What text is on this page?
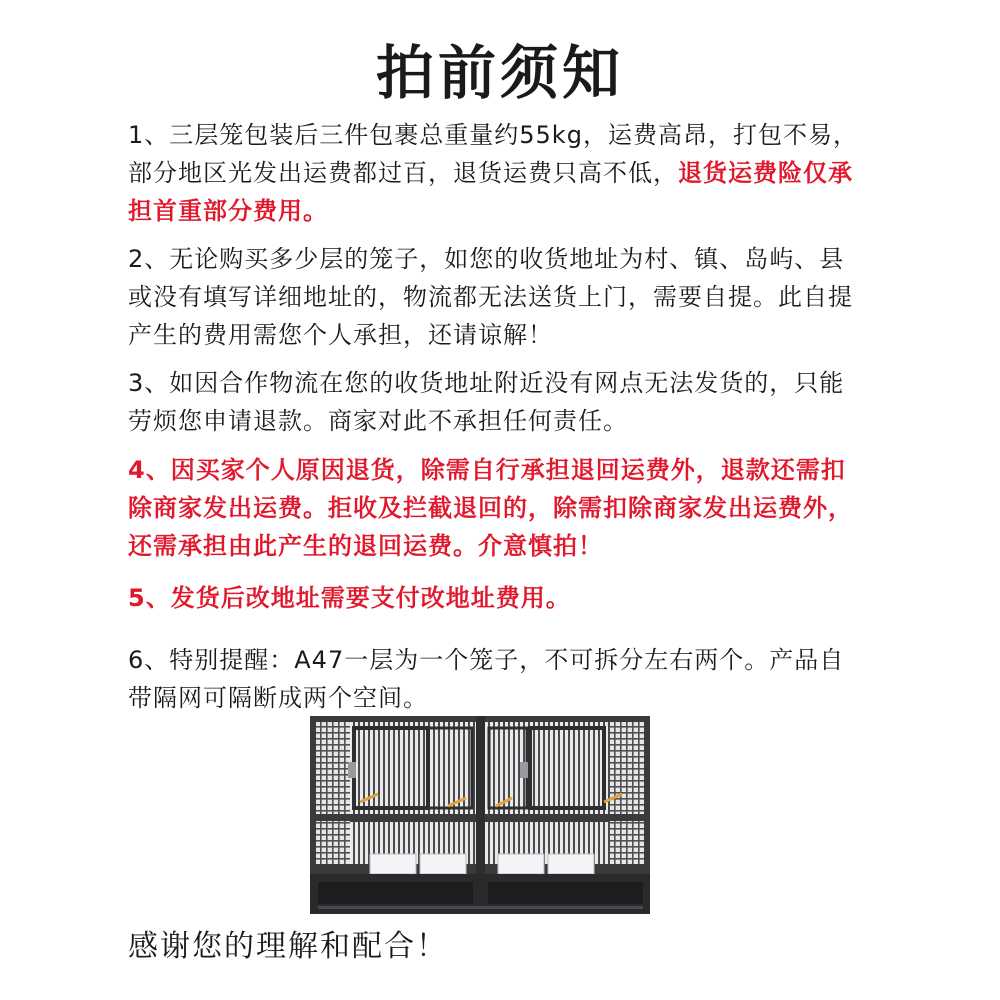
拍前须知
1、三层笼包装后三件包裹总重量约55kg，运费高昂，打包不易，部分地区光发出运费都过百，退货运费只高不低，退货运费险仅承担首重部分费用。
2、无论购买多少层的笼子，如您的收货地址为村、镇、岛屿、县或没有填写详细地址的，物流都无法送货上门，需要自提。此自提产生的费用需您个人承担，还请谅解！
3、如因合作物流在您的收货地址附近没有网点无法发货的，只能劳烦您申请退款。商家对此不承担任何责任。
4、因买家个人原因退货，除需自行承担退回运费外，退款还需扣除商家发出运费。拒收及拦截退回的，除需扣除商家发出运费外，还需承担由此产生的退回运费。介意慎拍！
5、发货后改地址需要支付改地址费用。
6、特别提醒：A47一层为一个笼子，不可拆分左右两个。产品自带隔网可隔断成两个空间。
感谢您的理解和配合！
